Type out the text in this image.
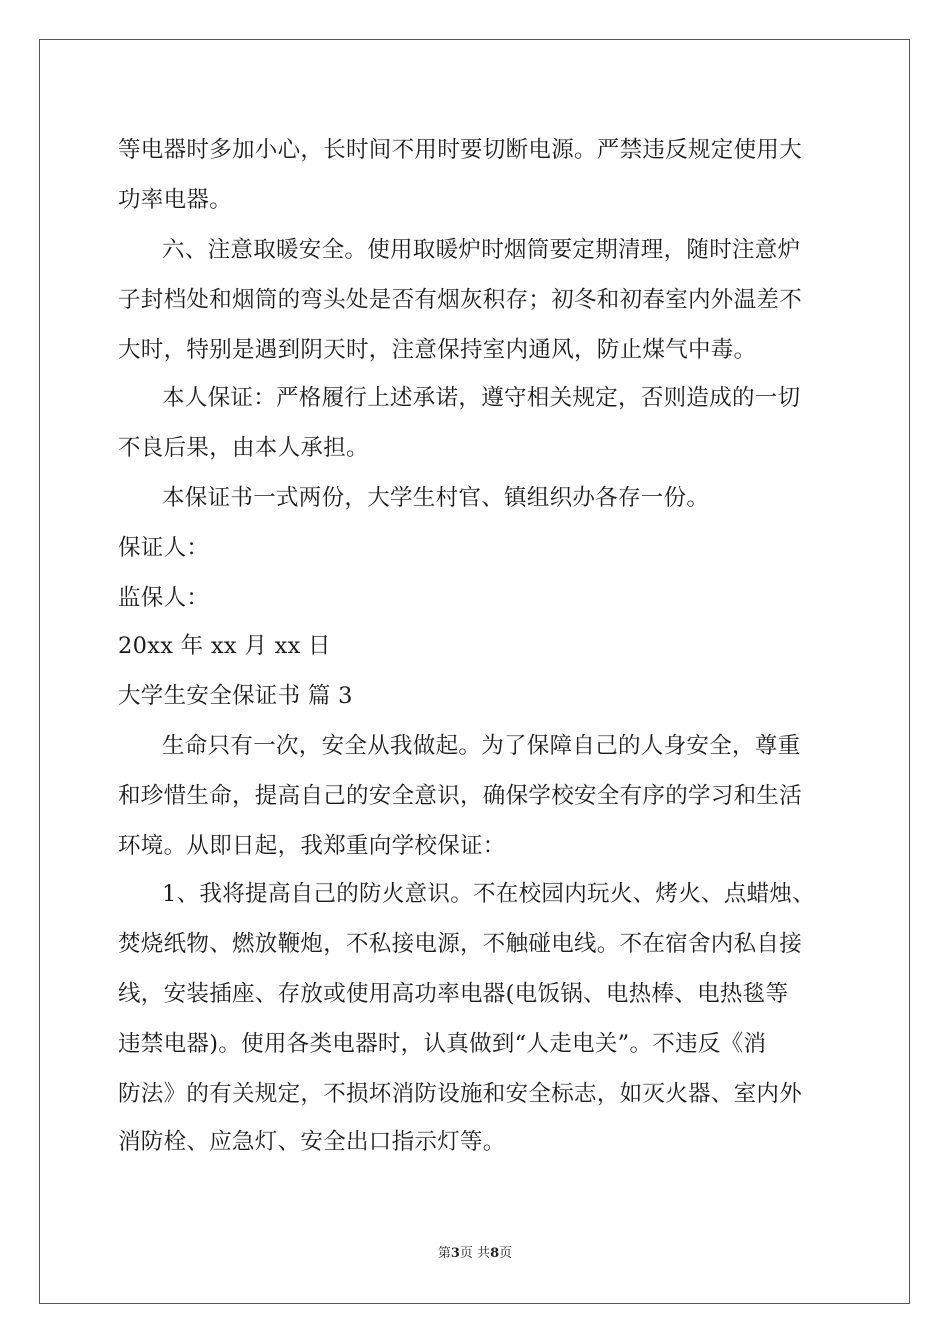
等电器时多加小心，长时间不用时要切断电源。严禁违反规定使用大
功率电器。
六、注意取暖安全。使用取暖炉时烟筒要定期清理，随时注意炉
子封档处和烟筒的弯头处是否有烟灰积存；初冬和初春室内外温差不
大时，特别是遇到阴天时，注意保持室内通风，防止煤气中毒。
本人保证：严格履行上述承诺，遵守相关规定，否则造成的一切
不良后果，由本人承担。
本保证书一式两份，大学生村官、镇组织办各存一份。
保证人：
监保人：
20xx 年 xx 月 xx 日
大学生安全保证书 篇 3
生命只有一次，安全从我做起。为了保障自己的人身安全，尊重
和珍惜生命，提高自己的安全意识，确保学校安全有序的学习和生活
环境。从即日起，我郑重向学校保证：
1、我将提高自己的防火意识。不在校园内玩火、烤火、点蜡烛、
焚烧纸物、燃放鞭炮，不私接电源，不触碰电线。不在宿舍内私自接
线，安装插座、存放或使用高功率电器(电饭锅、电热棒、电热毯等
违禁电器)。使用各类电器时，认真做到“人走电关”。不违反《消
防法》的有关规定，不损坏消防设施和安全标志，如灭火器、室内外
消防栓、应急灯、安全出口指示灯等。
第3页 共8页
